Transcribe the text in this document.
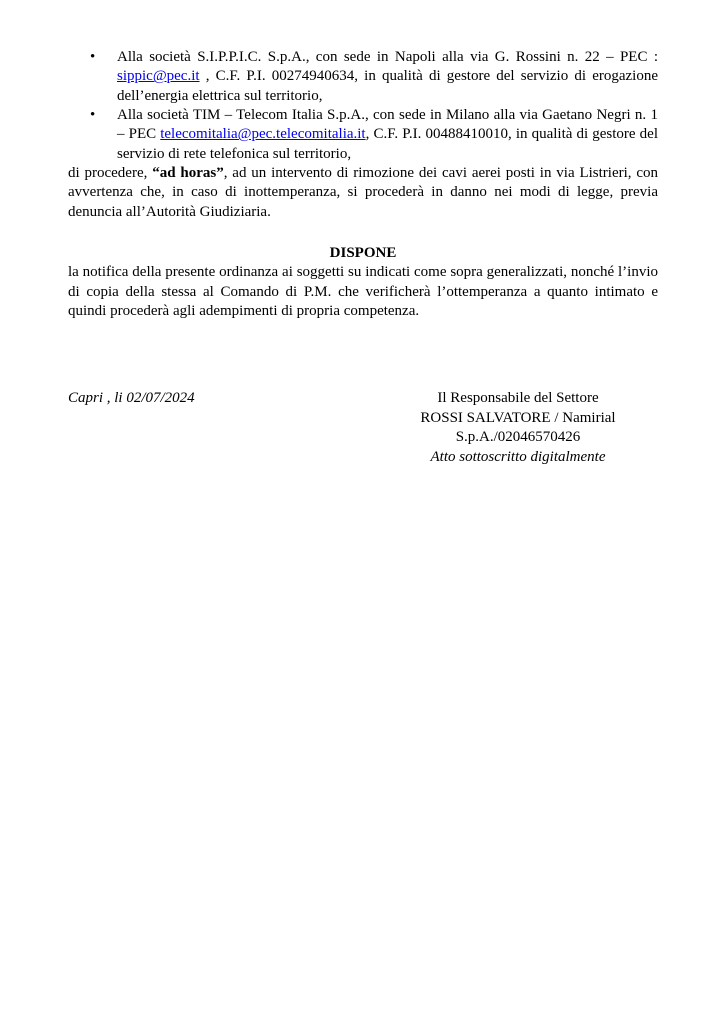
•	Alla società S.I.P.P.I.C. S.p.A., con sede in Napoli alla via G. Rossini n. 22 – PEC : sippic@pec.it , C.F. P.I. 00274940634, in qualità di gestore del servizio di erogazione dell’energia elettrica sul territorio,
•	Alla società TIM – Telecom Italia S.p.A., con sede in Milano alla via Gaetano Negri n. 1 – PEC telecomitalia@pec.telecomitalia.it, C.F. P.I. 00488410010, in qualità di gestore del servizio di rete telefonica sul territorio,

di procedere, “ad horas”, ad un intervento di rimozione dei cavi aerei posti in via Listrieri, con avvertenza che, in caso di inottemperanza, si procederà in danno nei modi di legge, previa denuncia all’Autorità Giudiziaria.

DISPONE

la notifica della presente ordinanza ai soggetti su indicati come sopra generalizzati, nonché l’invio di copia della stessa al Comando di P.M. che verificherà l’ottemperanza a quanto intimato e quindi procederà agli adempimenti di propria competenza.

Capri , li 02/07/2024	Il Responsabile del Settore
ROSSI SALVATORE / Namirial
S.p.A./02046570426
Atto sottoscritto digitalmente
